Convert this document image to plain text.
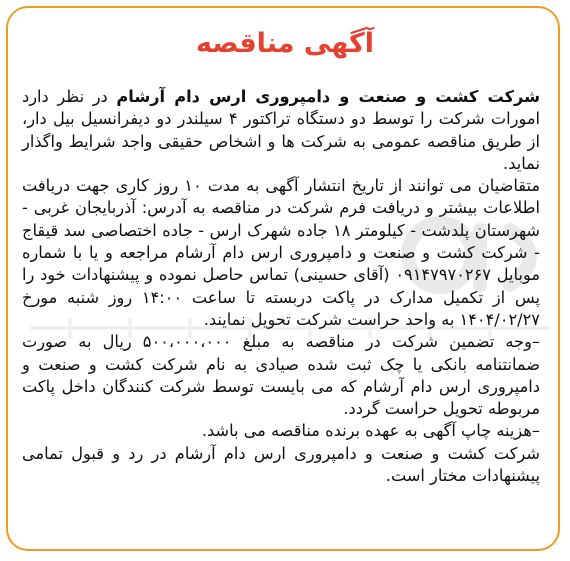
آگهی مناقصه

شرکت کشت و صنعت و دامپروری ارس دام آرشام در نظر دارد امورات شرکت را توسط دو دستگاه تراکتور ۴ سیلندر دو دیفرانسیل بیل دار، از طریق مناقصه عمومی به شرکت ها و اشخاص حقیقی واجد شرایط واگذار نماید.

متقاضیان می توانند از تاریخ انتشار آگهی به مدت ۱۰ روز کاری جهت دریافت اطلاعات بیشتر و دریافت فرم شرکت در مناقصه به آدرس: آذربایجان غربی - شهرستان پلدشت - کیلومتر ۱۸ جاده شهرک ارس - جاده اختصاصی سد قیقاج - شرکت کشت و صنعت و دامپروری ارس دام آرشام مراجعه و یا با شماره موبایل ۰۹۱۴۷۹۷۰۲۶۷ (آقای حسینی) تماس حاصل نموده و پیشنهادات خود را پس از تکمیل مدارک در پاکت دربسته تا ساعت ۱۴:۰۰ روز شنبه مورخ ۱۴۰۴/۰۲/۲۷ به واحد حراست شرکت تحویل نمایند.

–وجه تضمین شرکت در مناقصه به مبلغ ۵۰۰،۰۰۰،۰۰۰ ریال به صورت ضمانتنامه بانکی یا چک ثبت شده صیادی به نام شرکت کشت و صنعت و دامپروری ارس دام آرشام که می بایست توسط شرکت کنندگان داخل پاکت مربوطه تحویل حراست گردد.

–هزینه چاپ آگهی به عهده برنده مناقصه می باشد.

شرکت کشت و صنعت و دامپروری ارس دام آرشام در رد و قبول تمامی پیشنهادات مختار است.
